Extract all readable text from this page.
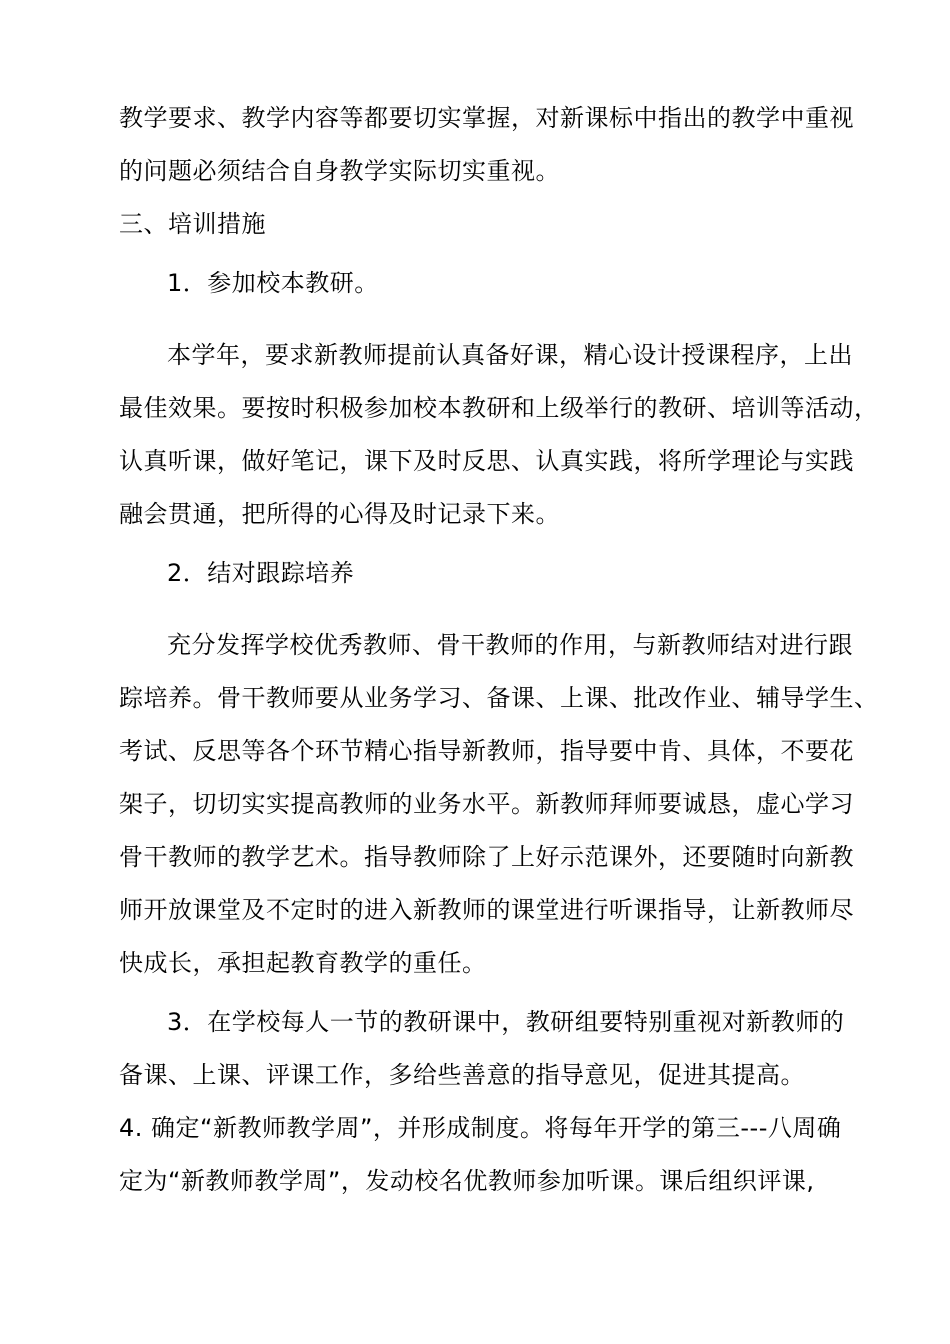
教学要求、教学内容等都要切实掌握，对新课标中指出的教学中重视
的问题必须结合自身教学实际切实重视。
三、培训措施
1．参加校本教研。
本学年，要求新教师提前认真备好课，精心设计授课程序，上出
最佳效果。要按时积极参加校本教研和上级举行的教研、培训等活动，
认真听课，做好笔记，课下及时反思、认真实践，将所学理论与实践
融会贯通，把所得的心得及时记录下来。
2．结对跟踪培养
充分发挥学校优秀教师、骨干教师的作用，与新教师结对进行跟
踪培养。骨干教师要从业务学习、备课、上课、批改作业、辅导学生、
考试、反思等各个环节精心指导新教师，指导要中肯、具体，不要花
架子，切切实实提高教师的业务水平。新教师拜师要诚恳，虚心学习
骨干教师的教学艺术。指导教师除了上好示范课外，还要随时向新教
师开放课堂及不定时的进入新教师的课堂进行听课指导，让新教师尽
快成长，承担起教育教学的重任。
3．在学校每人一节的教研课中，教研组要特别重视对新教师的
备课、上课、评课工作，多给些善意的指导意见，促进其提高。
4. 确定“新教师教学周”，并形成制度。将每年开学的第三---八周确
定为“新教师教学周”，发动校名优教师参加听课。课后组织评课,
